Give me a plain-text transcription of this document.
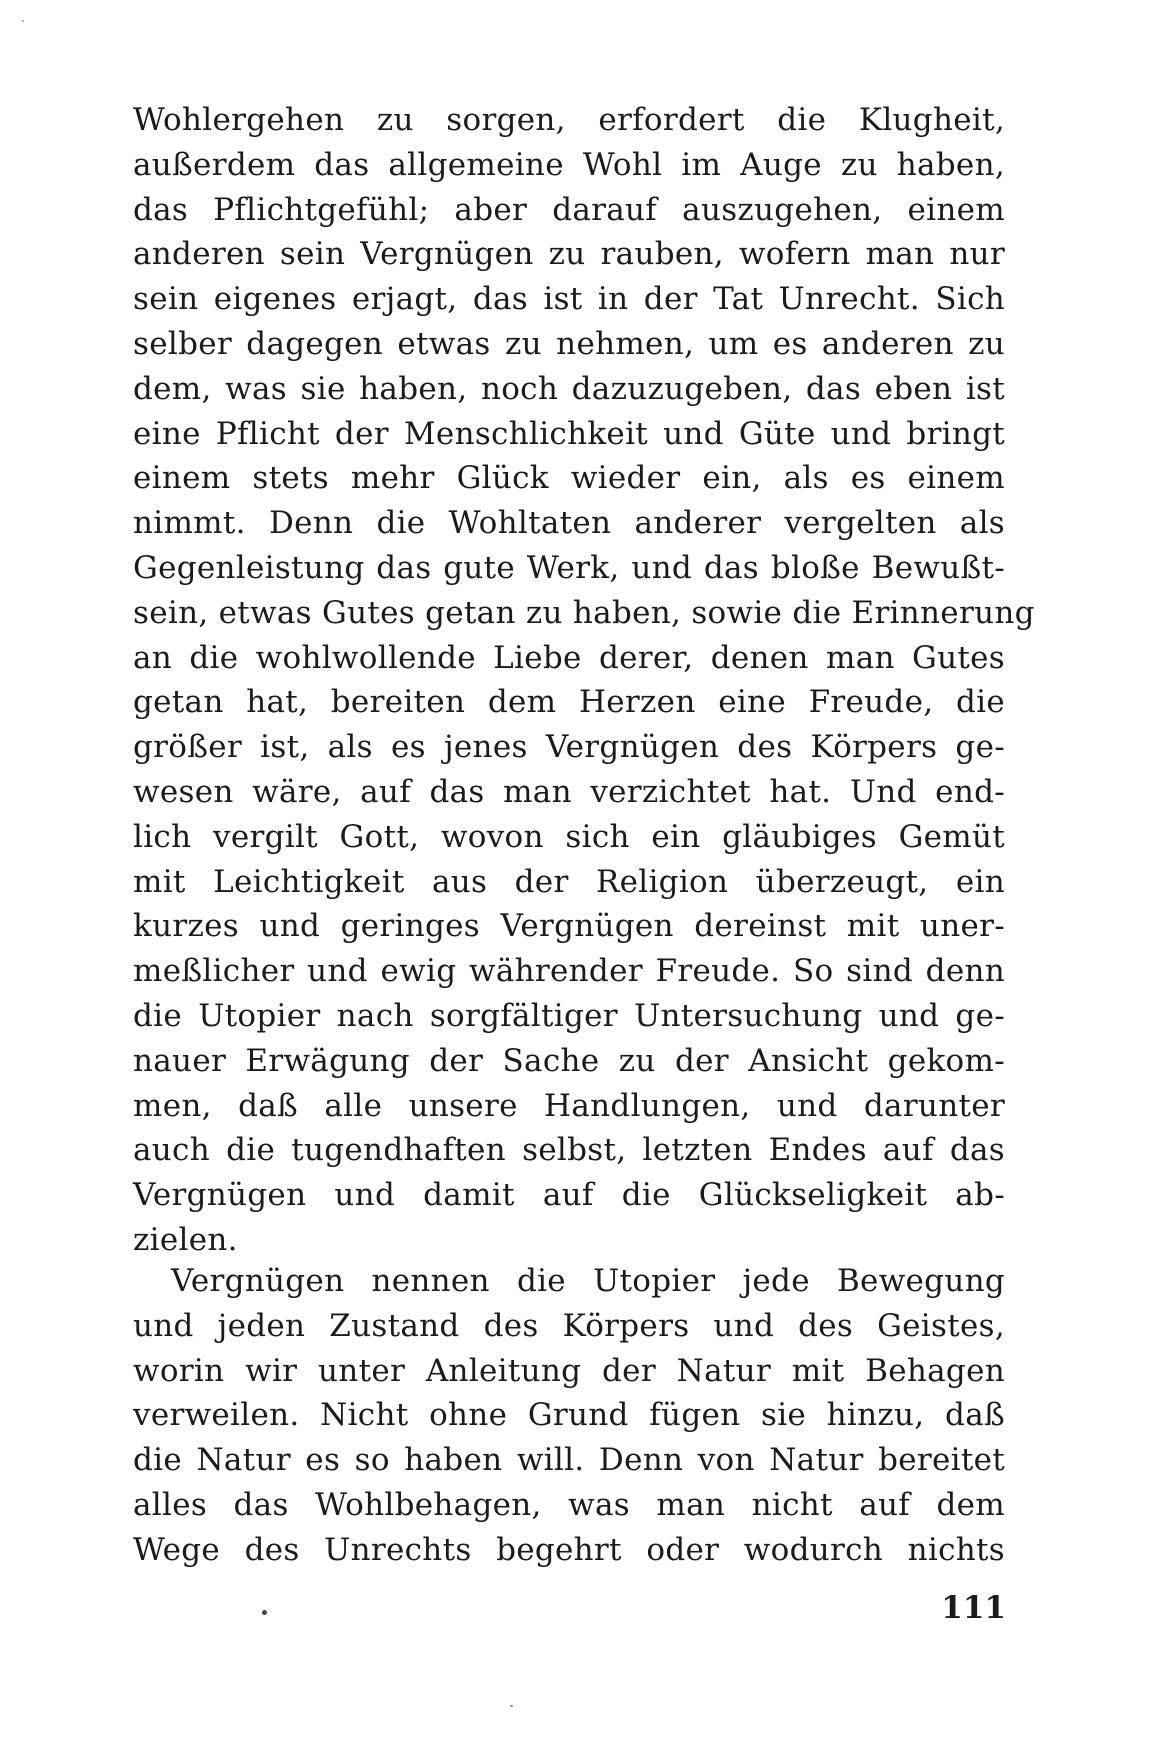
Wohlergehen zu sorgen, erfordert die Klugheit,
außerdem das allgemeine Wohl im Auge zu haben,
das Pflichtgefühl; aber darauf auszugehen, einem
anderen sein Vergnügen zu rauben, wofern man nur
sein eigenes erjagt, das ist in der Tat Unrecht. Sich
selber dagegen etwas zu nehmen, um es anderen zu
dem, was sie haben, noch dazuzugeben, das eben ist
eine Pflicht der Menschlichkeit und Güte und bringt
einem stets mehr Glück wieder ein, als es einem
nimmt. Denn die Wohltaten anderer vergelten als
Gegenleistung das gute Werk, und das bloße Bewußt-
sein, etwas Gutes getan zu haben, sowie die Erinnerung
an die wohlwollende Liebe derer, denen man Gutes
getan hat, bereiten dem Herzen eine Freude, die
größer ist, als es jenes Vergnügen des Körpers ge-
wesen wäre, auf das man verzichtet hat. Und end-
lich vergilt Gott, wovon sich ein gläubiges Gemüt
mit Leichtigkeit aus der Religion überzeugt, ein
kurzes und geringes Vergnügen dereinst mit uner-
meßlicher und ewig währender Freude. So sind denn
die Utopier nach sorgfältiger Untersuchung und ge-
nauer Erwägung der Sache zu der Ansicht gekom-
men, daß alle unsere Handlungen, und darunter
auch die tugendhaften selbst, letzten Endes auf das
Vergnügen und damit auf die Glückseligkeit ab-
zielen.
Vergnügen nennen die Utopier jede Bewegung
und jeden Zustand des Körpers und des Geistes,
worin wir unter Anleitung der Natur mit Behagen
verweilen. Nicht ohne Grund fügen sie hinzu, daß
die Natur es so haben will. Denn von Natur bereitet
alles das Wohlbehagen, was man nicht auf dem
Wege des Unrechts begehrt oder wodurch nichts
111
